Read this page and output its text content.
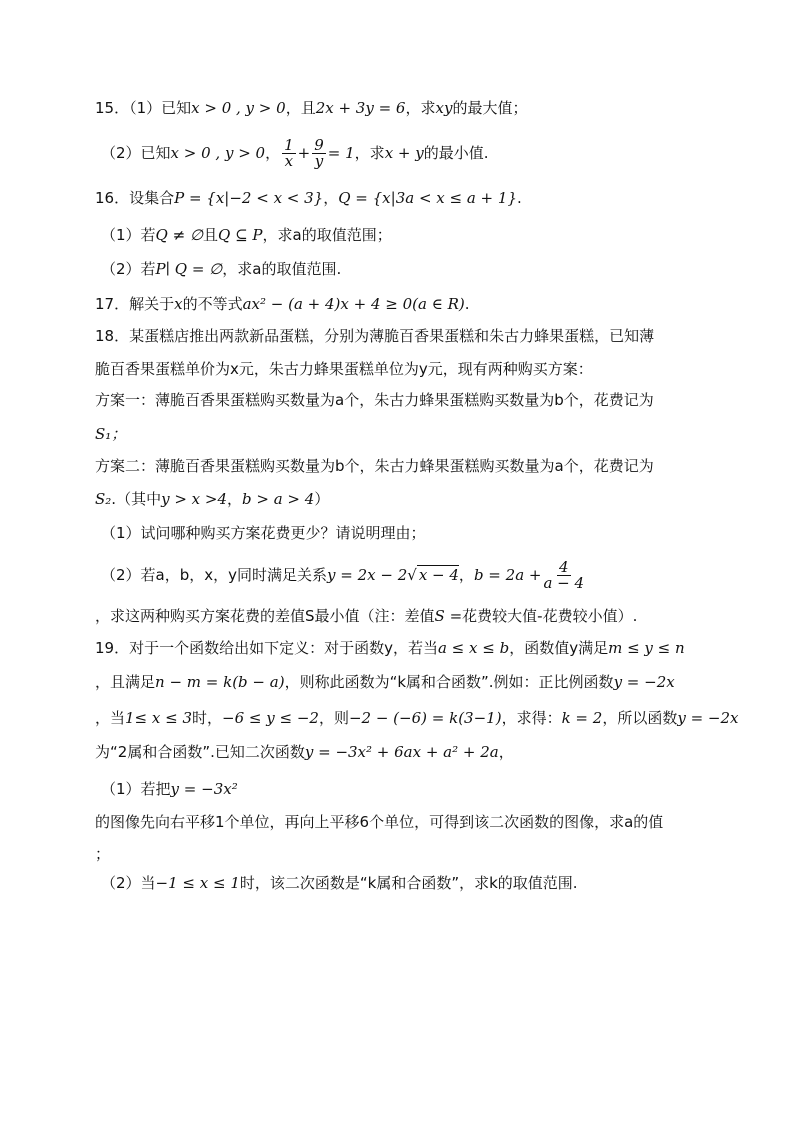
15．（1）已知x > 0 , y > 0，且2x + 3y = 6，求xy的最大值；
（2）已知x > 0 , y > 0， $\frac{1}{x} + \frac{9}{y} = 1$，求x + y的最小值.
16．设集合P = {x|−2 < x < 3}，Q = {x|3a < x ≤ a + 1}.
（1）若Q ≠ ∅且Q ⊆ P，求a的取值范围；
（2）若P∣ Q = ∅，求a的取值范围.
17．解关于x的不等式ax² − (a + 4)x + 4 ≥ 0(a ∈ R).
18．某蛋糕店推出两款新品蛋糕，分别为薄脆百香果蛋糕和朱古力蜂果蛋糕，已知薄
脆百香果蛋糕单价为x元，朱古力蜂果蛋糕单位为y元，现有两种购买方案：
方案一：薄脆百香果蛋糕购买数量为a个，朱古力蜂果蛋糕购买数量为b个，花费记为
S₁；
方案二：薄脆百香果蛋糕购买数量为b个，朱古力蜂果蛋糕购买数量为a个，花费记为
S₂.（其中y > x >4，b > a > 4）
（1）试问哪种购买方案花费更少？请说明理由；
（2）若a，b，x，y同时满足关系y = 2x − 2√ x − 4，$b = 2a + \frac{4}{a - 4}$
，求这两种购买方案花费的差值S最小值（注：差值S =花费较大值-花费较小值）.
19．对于一个函数给出如下定义：对于函数y，若当a ≤ x ≤ b，函数值y满足m ≤ y ≤ n
，且满足n − m = k(b − a)，则称此函数为“k属和合函数”.例如：正比例函数y = −2x
，当1≤ x ≤ 3时，−6 ≤ y ≤ −2，则−2 − (−6) = k(3−1)，求得：k = 2，所以函数y = −2x
为“2属和合函数”.已知二次函数y = −3x² + 6ax + a² + 2a，
（1）若把y = −3x²
的图像先向右平移1个单位，再向上平移6个单位，可得到该二次函数的图像，求a的值
；
（2）当−1 ≤ x ≤ 1时，该二次函数是“k属和合函数”，求k的取值范围.
